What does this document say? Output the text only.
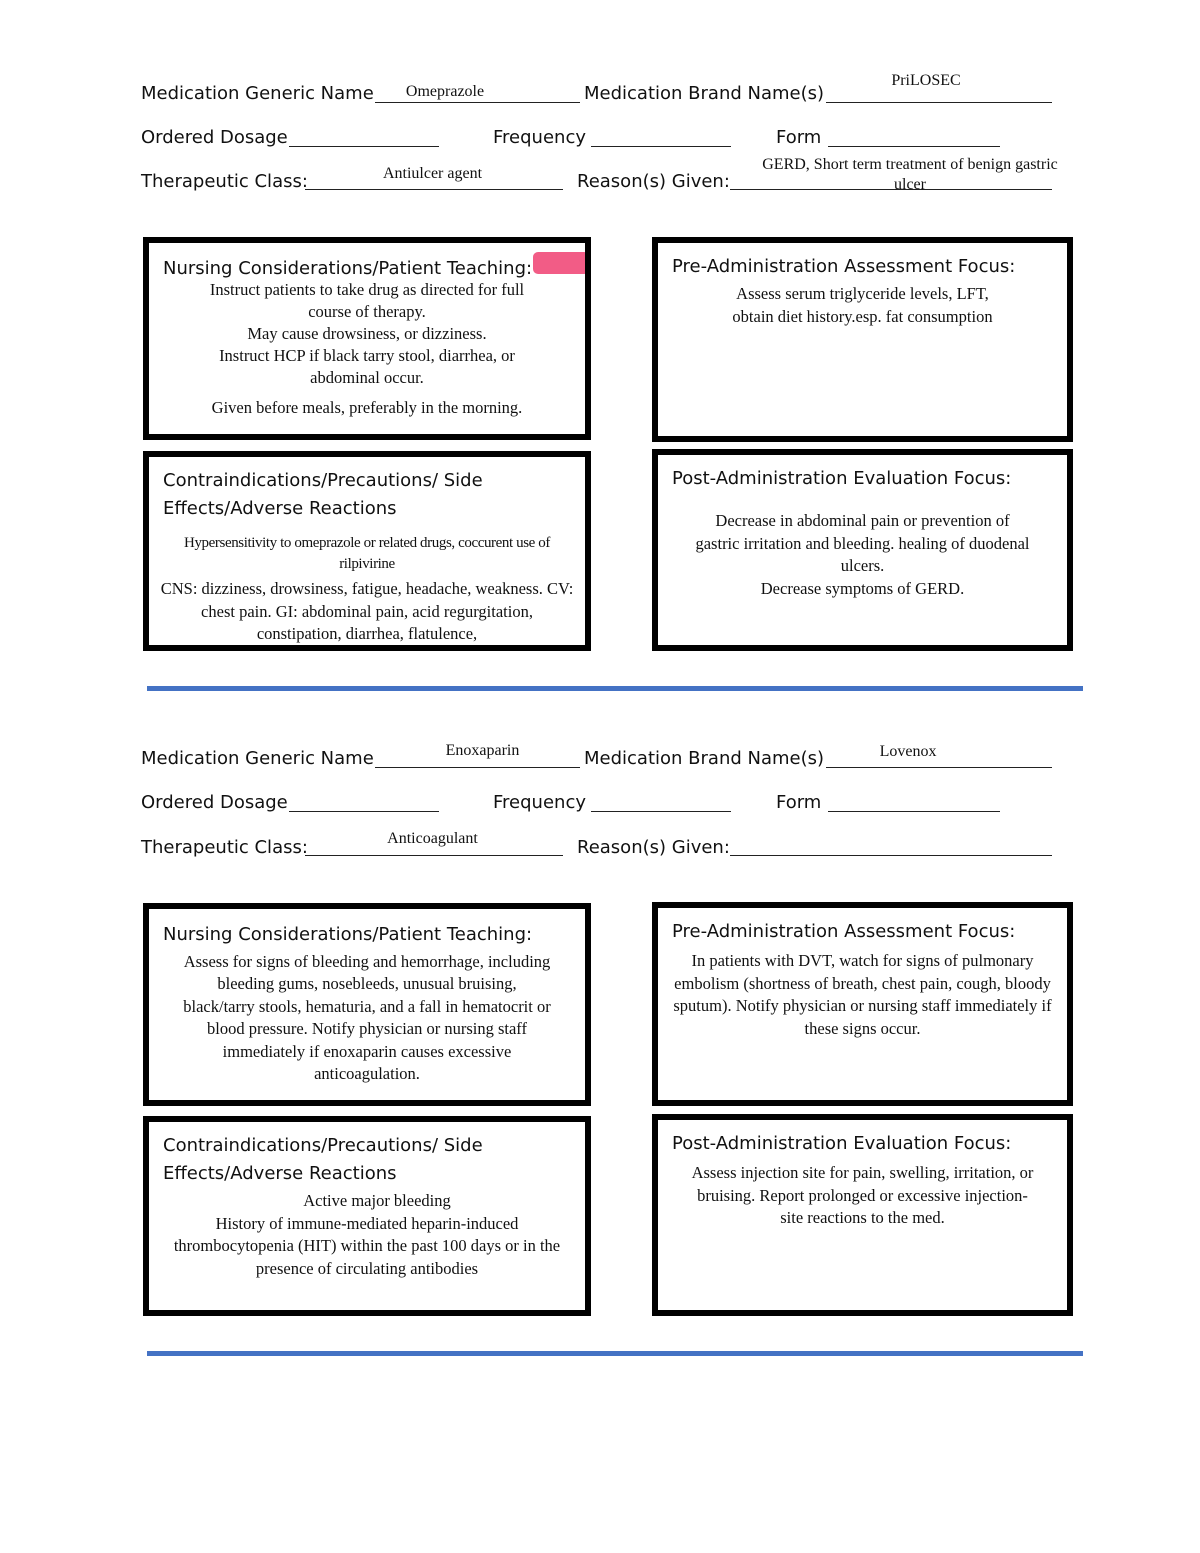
Medication Generic Name	Omeprazole	Medication Brand Name(s)
PriLOSEC
Ordered Dosage	Frequency	Form
Therapeutic Class:	Antiulcer agent	Reason(s) Given:
GERD, Short term treatment of benign gastric ulcer
Nursing Considerations/Patient Teaching:

Instruct patients to take drug as directed for full course of therapy.

May cause drowsiness, or dizziness.

Instruct HCP if black tarry stool, diarrhea, or abdominal occur.

Given before meals, preferably in the morning.

Pre-Administration Assessment Focus:

Assess serum triglyceride levels, LFT, obtain diet history.esp. fat consumption

Contraindications/Precautions/ Side Effects/Adverse Reactions

Hypersensitivity to omeprazole or related drugs, coccurent use of rilpivirine

CNS: dizziness, drowsiness, fatigue, headache, weakness. CV: chest pain. GI: abdominal pain, acid regurgitation, constipation, diarrhea, flatulence,

Post-Administration Evaluation Focus:

Decrease in abdominal pain or prevention of gastric irritation and bleeding. healing of duodenal ulcers.

Decrease symptoms of GERD.

Medication Generic Name	Enoxaparin	Medication Brand Name(s)	Lovenox
Ordered Dosage	Frequency	Form
Therapeutic Class:	Anticoagulant	Reason(s) Given:
Nursing Considerations/Patient Teaching:

Assess for signs of bleeding and hemorrhage, including bleeding gums, nosebleeds, unusual bruising, black/tarry stools, hematuria, and a fall in hematocrit or blood pressure. Notify physician or nursing staff immediately if enoxaparin causes excessive anticoagulation.

Pre-Administration Assessment Focus:

In patients with DVT, watch for signs of pulmonary embolism (shortness of breath, chest pain, cough, bloody sputum). Notify physician or nursing staff immediately if these signs occur.

Contraindications/Precautions/ Side Effects/Adverse Reactions

Active major bleeding

History of immune-mediated heparin-induced thrombocytopenia (HIT) within the past 100 days or in the presence of circulating antibodies

Post-Administration Evaluation Focus:

Assess injection site for pain, swelling, irritation, or bruising. Report prolonged or excessive injection-site reactions to the med.
